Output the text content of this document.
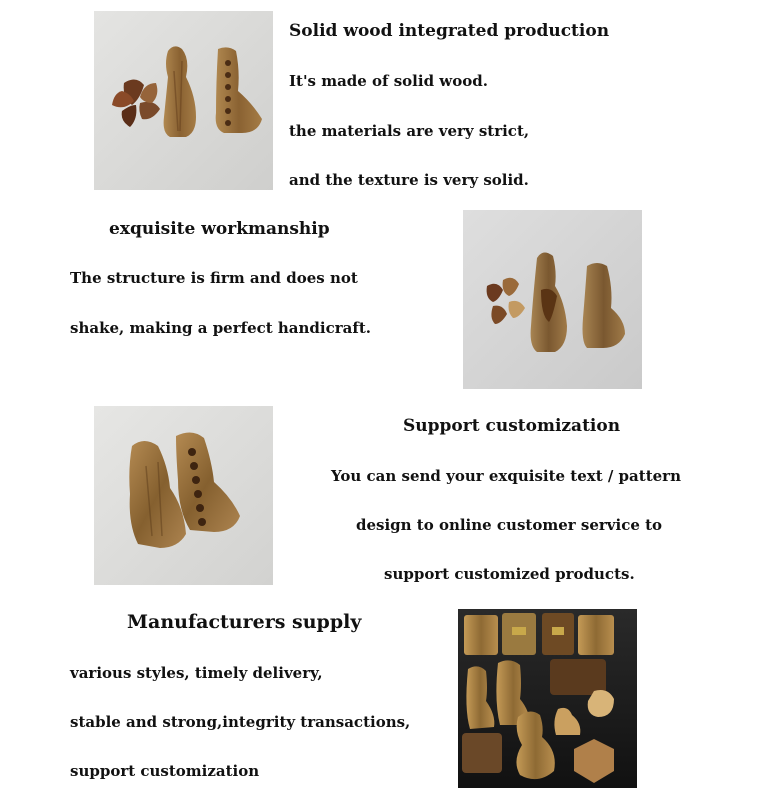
Solid wood integrated production
It's made of solid wood.
the materials are very strict,
and the texture is very solid.
exquisite workmanship
The structure is firm and does not
shake, making a perfect handicraft.
Support customization
You can send your exquisite text / pattern
design to online customer service to
support customized products.
Manufacturers supply
various styles, timely delivery,
stable and strong,integrity transactions,
support customization
